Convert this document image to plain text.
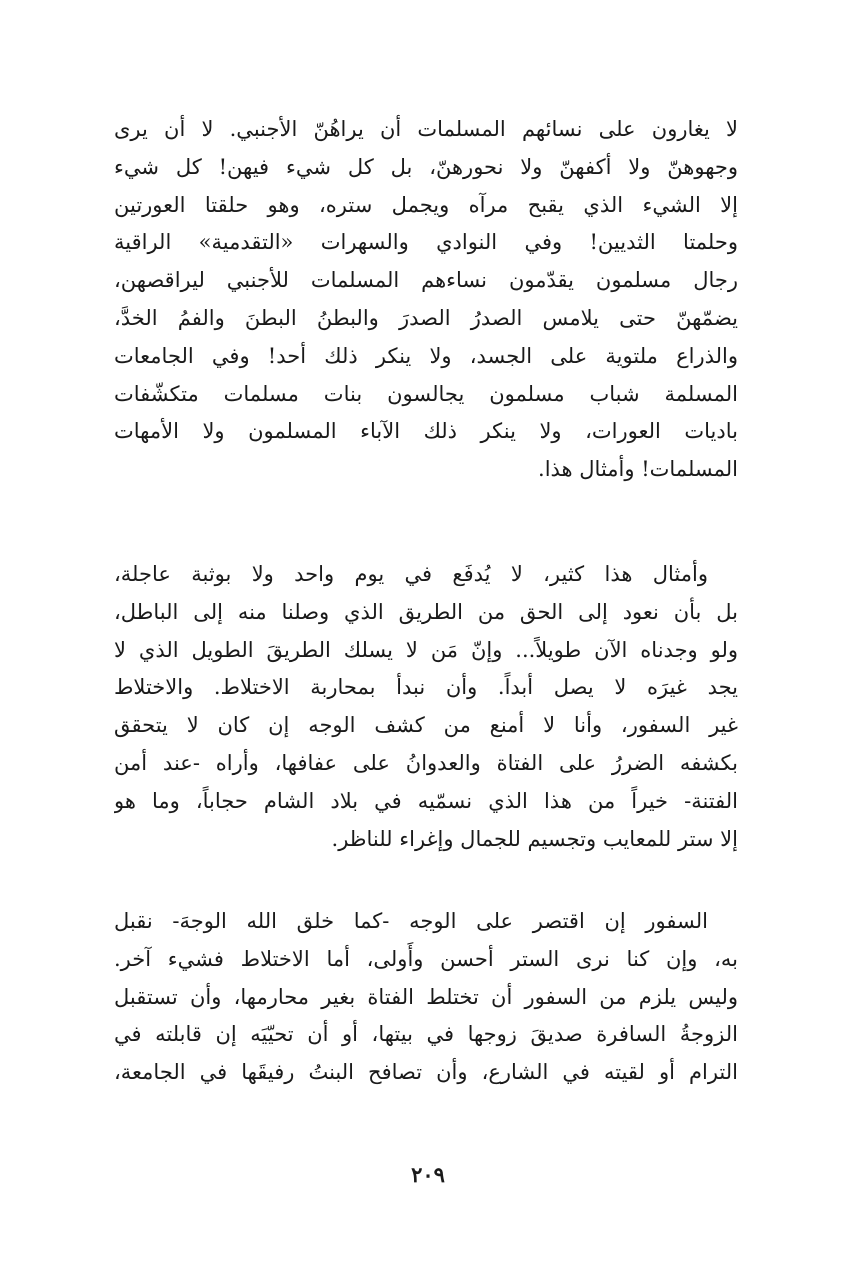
لا يغارون على نسائهم المسلمات أن يراهُنّ الأجنبي. لا أن يرى
وجهوهنّ ولا أكفهنّ ولا نحورهنّ، بل كل شيء فيهن! كل شيء
إلا الشيء الذي يقبح مرآه ويجمل ستره، وهو حلقتا العورتين
وحلمتا الثديين! وفي النوادي والسهرات «التقدمية» الراقية
رجال مسلمون يقدّمون نساءهم المسلمات للأجنبي ليراقصهن،
يضمّهنّ حتى يلامس الصدرُ الصدرَ والبطنُ البطنَ والفمُ الخدَّ،
والذراع ملتوية على الجسد، ولا ينكر ذلك أحد! وفي الجامعات
المسلمة شباب مسلمون يجالسون بنات مسلمات متكشّفات
باديات العورات، ولا ينكر ذلك الآباء المسلمون ولا الأمهات
المسلمات! وأمثال هذا.
وأمثال هذا كثير، لا يُدفَع في يوم واحد ولا بوثبة عاجلة،
بل بأن نعود إلى الحق من الطريق الذي وصلنا منه إلى الباطل،
ولو وجدناه الآن طويلاً... وإنّ مَن لا يسلك الطريقَ الطويل الذي لا
يجد غيرَه لا يصل أبداً. وأن نبدأ بمحاربة الاختلاط. والاختلاط
غير السفور، وأنا لا أمنع من كشف الوجه إن كان لا يتحقق
بكشفه الضررُ على الفتاة والعدوانُ على عفافها، وأراه -عند أمن
الفتنة- خيراً من هذا الذي نسمّيه في بلاد الشام حجاباً، وما هو
إلا ستر للمعايب وتجسيم للجمال وإغراء للناظر.
السفور إن اقتصر على الوجه -كما خلق الله الوجهَ- نقبل
به، وإن كنا نرى الستر أحسن وأَولى، أما الاختلاط فشيء آخر.
وليس يلزم من السفور أن تختلط الفتاة بغير محارمها، وأن تستقبل
الزوجةُ السافرة صديقَ زوجها في بيتها، أو أن تحيّيَه إن قابلته في
الترام أو لقيته في الشارع، وأن تصافح البنتُ رفيقَها في الجامعة،
٢٠٩
